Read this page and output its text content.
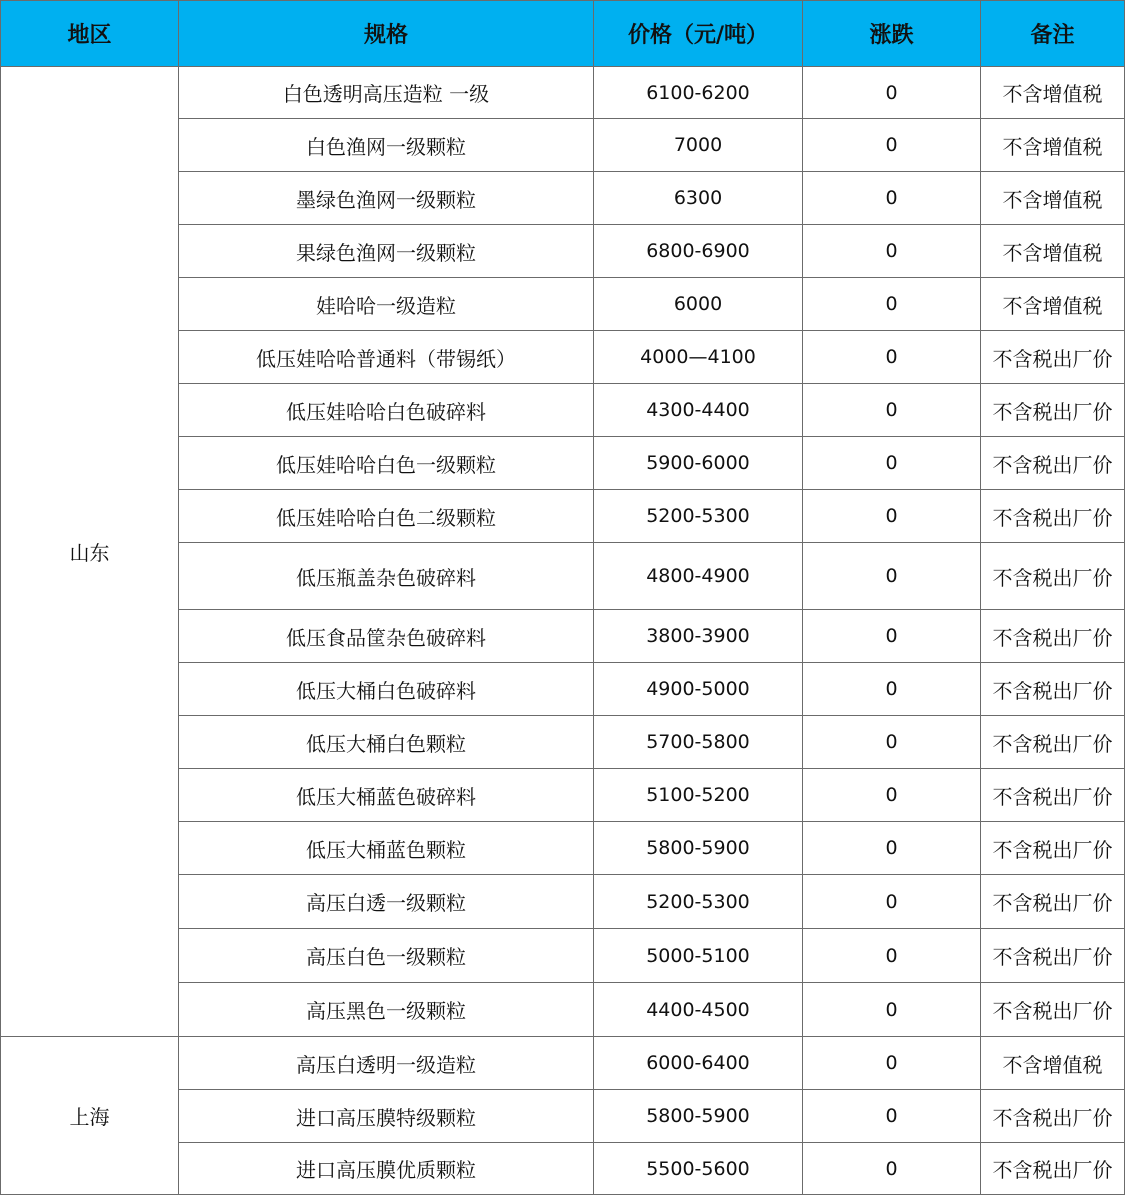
地区	规格	价格（元/吨）	涨跌	备注
山东	白色透明高压造粒 一级	6100-6200	0	不含增值税
	白色渔网一级颗粒	7000	0	不含增值税
	墨绿色渔网一级颗粒	6300	0	不含增值税
	果绿色渔网一级颗粒	6800-6900	0	不含增值税
	娃哈哈一级造粒	6000	0	不含增值税
	低压娃哈哈普通料（带锡纸）	4000—4100	0	不含税出厂价
	低压娃哈哈白色破碎料	4300-4400	0	不含税出厂价
	低压娃哈哈白色一级颗粒	5900-6000	0	不含税出厂价
	低压娃哈哈白色二级颗粒	5200-5300	0	不含税出厂价
	低压瓶盖杂色破碎料	4800-4900	0	不含税出厂价
	低压食品筐杂色破碎料	3800-3900	0	不含税出厂价
	低压大桶白色破碎料	4900-5000	0	不含税出厂价
	低压大桶白色颗粒	5700-5800	0	不含税出厂价
	低压大桶蓝色破碎料	5100-5200	0	不含税出厂价
	低压大桶蓝色颗粒	5800-5900	0	不含税出厂价
	高压白透一级颗粒	5200-5300	0	不含税出厂价
	高压白色一级颗粒	5000-5100	0	不含税出厂价
	高压黑色一级颗粒	4400-4500	0	不含税出厂价
上海	高压白透明一级造粒	6000-6400	0	不含增值税
	进口高压膜特级颗粒	5800-5900	0	不含税出厂价
	进口高压膜优质颗粒	5500-5600	0	不含税出厂价
